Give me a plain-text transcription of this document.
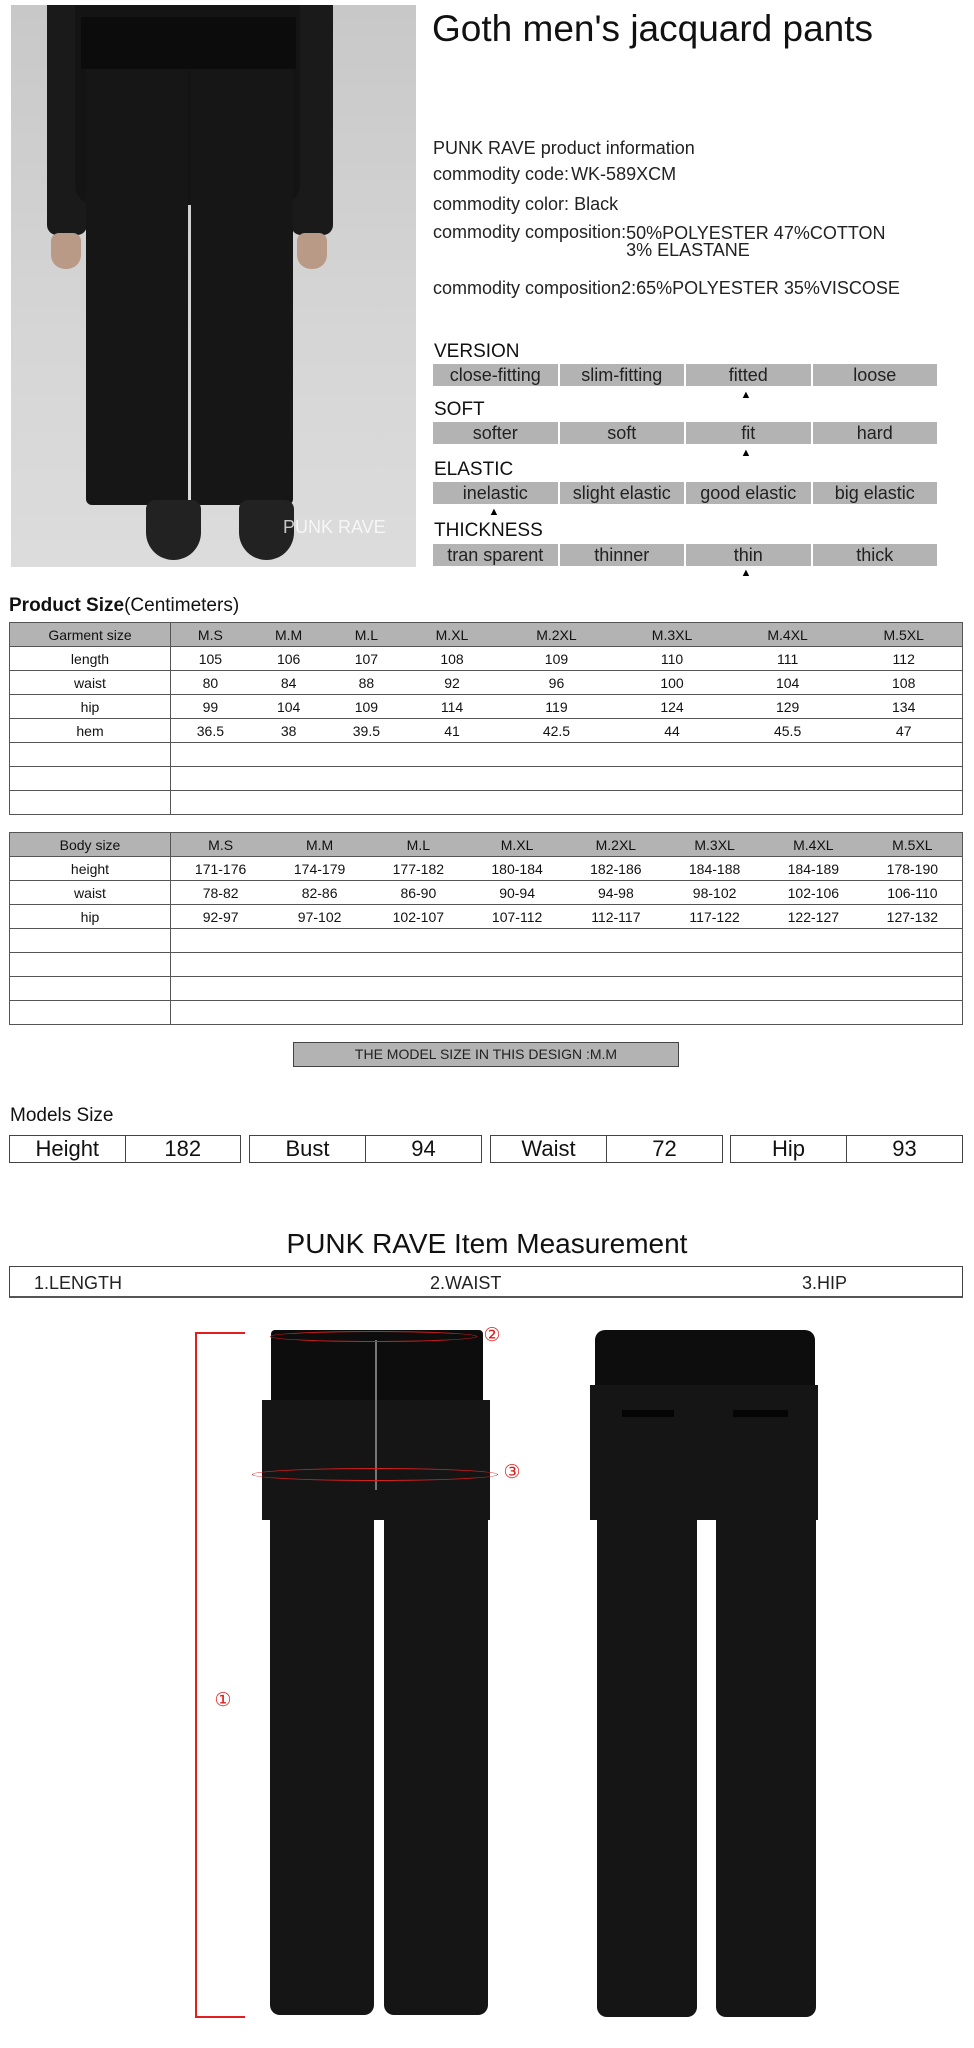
PUNK RAVE
Goth men's jacquard pants
PUNK RAVE product information
commodity code: WK-589XCM
commodity color: Black
commodity composition:50%POLYESTER 47%COTTON
3% ELASTANE
commodity composition2:65%POLYESTER 35%VISCOSE
VERSION
close-fitting	slim-fitting	fitted	loose
▲
SOFT
softer	soft	fit	hard
▲
ELASTIC
inelastic	slight elastic	good elastic	big elastic
▲
THICKNESS
tran sparent	thinner	thin	thick
▲
Product Size(Centimeters)
Garment size	M.S	M.M	M.L	M.XL	M.2XL	M.3XL	M.4XL	M.5XL
length	105	106	107	108	109	110	111	112
waist	80	84	88	92	96	100	104	108
hip	99	104	109	114	119	124	129	134
hem	36.5	38	39.5	41	42.5	44	45.5	47

Body size	M.S	M.M	M.L	M.XL	M.2XL	M.3XL	M.4XL	M.5XL
height	171-176	174-179	177-182	180-184	182-186	184-188	184-189	178-190
waist	78-82	82-86	86-90	90-94	94-98	98-102	102-106	106-110
hip	92-97	97-102	102-107	107-112	112-117	117-122	122-127	127-132

THE MODEL SIZE IN THIS DESIGN :M.M
Models Size
Height	182	Bust	94	Waist	72	Hip	93
PUNK RAVE Item Measurement
1.LENGTH	2.WAIST	3.HIP
①
②
③
